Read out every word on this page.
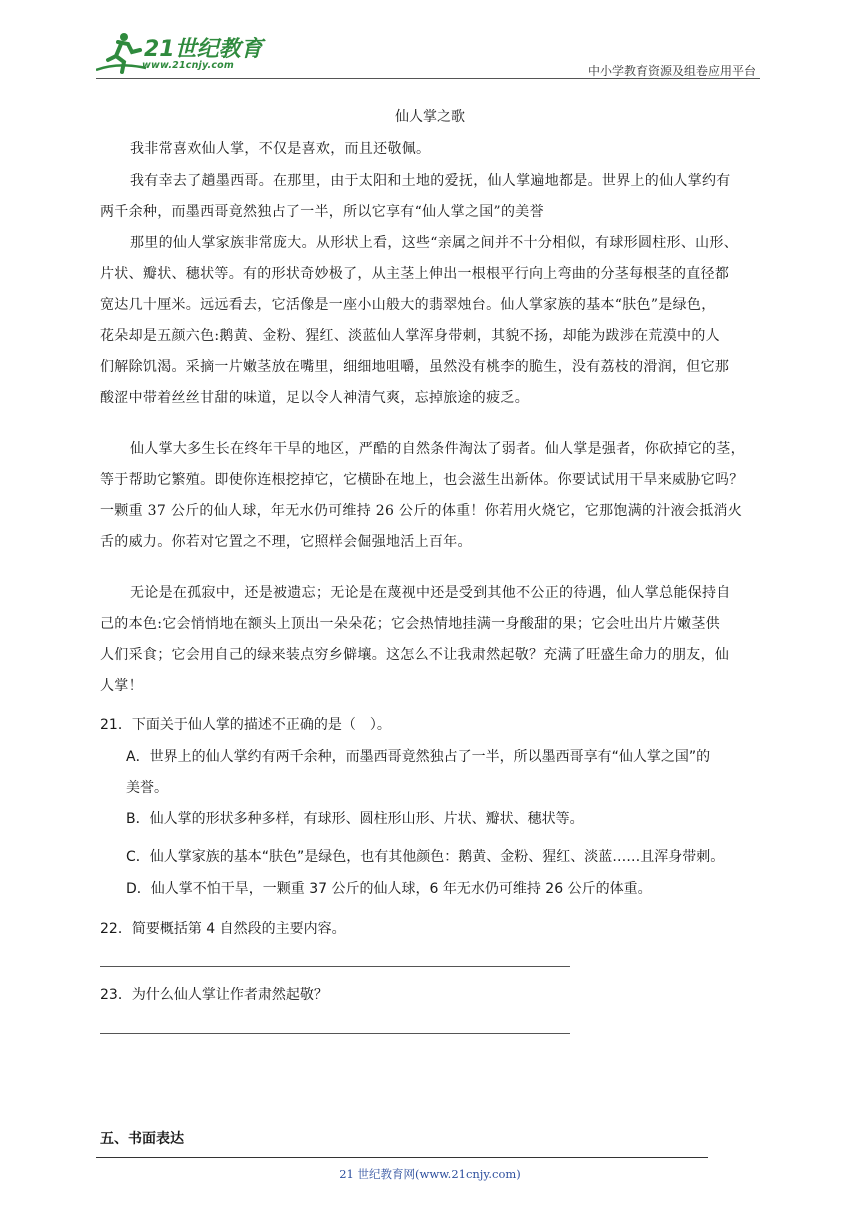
21世纪教育
www.21cnjy.com	中小学教育资源及组卷应用平台
仙人掌之歌
我非常喜欢仙人掌，不仅是喜欢，而且还敬佩。
我有幸去了趟墨西哥。在那里，由于太阳和土地的爱抚，仙人掌遍地都是。世界上的仙人掌约有
两千余种，而墨西哥竟然独占了一半，所以它享有“仙人掌之国”的美誉
那里的仙人掌家族非常庞大。从形状上看，这些“亲属之间并不十分相似，有球形圆柱形、山形、
片状、瓣状、穗状等。有的形状奇妙极了，从主茎上伸出一根根平行向上弯曲的分茎每根茎的直径都
宽达几十厘米。远远看去，它活像是一座小山般大的翡翠烛台。仙人掌家族的基本“肤色”是绿色，
花朵却是五颜六色:鹅黄、金粉、猩红、淡蓝仙人掌浑身带刺，其貌不扬，却能为跋涉在荒漠中的人
们解除饥渴。采摘一片嫩茎放在嘴里，细细地咀嚼，虽然没有桃李的脆生，没有荔枝的滑润，但它那
酸涩中带着丝丝甘甜的味道，足以令人神清气爽，忘掉旅途的疲乏。
仙人掌大多生长在终年干旱的地区，严酷的自然条件淘汰了弱者。仙人掌是强者，你砍掉它的茎，
等于帮助它繁殖。即使你连根挖掉它，它横卧在地上，也会滋生出新体。你要试试用干旱来威胁它吗？
一颗重 37 公斤的仙人球，年无水仍可维持 26 公斤的体重！你若用火烧它，它那饱满的汁液会抵消火
舌的威力。你若对它置之不理，它照样会倔强地活上百年。
无论是在孤寂中，还是被遗忘；无论是在蔑视中还是受到其他不公正的待遇，仙人掌总能保持自
己的本色:它会悄悄地在额头上顶出一朵朵花；它会热情地挂满一身酸甜的果；它会吐出片片嫩茎供
人们采食；它会用自己的绿来装点穷乡僻壤。这怎么不让我肃然起敬？充满了旺盛生命力的朋友，仙
人掌！
21．下面关于仙人掌的描述不正确的是（　）。
A．世界上的仙人掌约有两千余种，而墨西哥竟然独占了一半，所以墨西哥享有“仙人掌之国”的
美誉。
B．仙人掌的形状多种多样，有球形、圆柱形山形、片状、瓣状、穗状等。
C．仙人掌家族的基本“肤色”是绿色，也有其他颜色：鹅黄、金粉、猩红、淡蓝……且浑身带刺。
D．仙人掌不怕干旱，一颗重 37 公斤的仙人球，6 年无水仍可维持 26 公斤的体重。
22．简要概括第 4 自然段的主要内容。
23．为什么仙人掌让作者肃然起敬？
五、书面表达
21 世纪教育网(www.21cnjy.com)
